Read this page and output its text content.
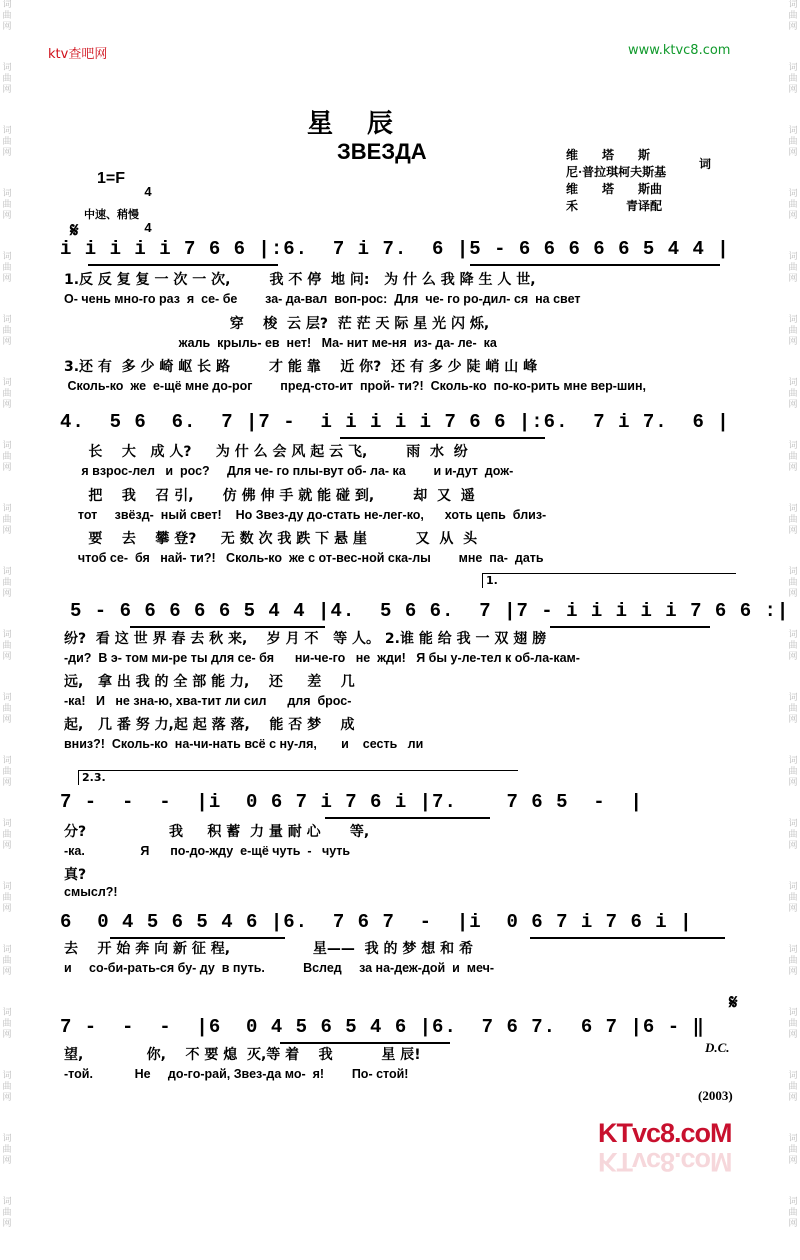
词
曲
网
词
曲
网
词
曲
网
词
曲
网
词
曲
网
词
曲
网
词
曲
网
词
曲
网
词
曲
网
词
曲
网
词
曲
网
词
曲
网
词
曲
网
词
曲
网
词
曲
网
词
曲
网
词
曲
网
词
曲
网
词
曲
网
词
曲
网
词
曲
网
词
曲
网
词
曲
网
词
曲
网
词
曲
网
词
曲
网
词
曲
网
词
曲
网
词
曲
网
词
曲
网
词
曲
网
词
曲
网
词
曲
网
词
曲
网
词
曲
网
词
曲
网
词
曲
网
词
曲
网
词
曲
网
词
曲
网
ktv查吧网	www.ktvc8.com
星辰
ЗВЕЗДА	维　　塔　　斯
尼·普拉琪柯夫斯基
词
维　　塔　　斯曲
禾　　　　青译配
1=F

4

4

中速、稍慢
𝄋
i i i i i 7 6 6 |:6.  7 i 7.  6 |5 - 6 6 6 6 6 5 4 4 |
1.反 反 复 复 一 次 一 次,        我 不 停  地 问:   为 什 么 我 降 生 人 世,
О- чень мно-го раз  я  се- бе        за- да-вал  воп-рос:  Для  че- го ро-дил- ся  на свет
穿    梭  云 层?  茫 茫 天 际 星 光 闪 烁,
жаль  крыль- ев  нет!   Ма- нит ме-ня  из- да- ле-  ка
3.还 有  多 少 崎 岖 长 路        才 能 靠    近 你?  还 有 多 少 陡 峭 山 峰
Сколь-ко  же  е-щё мне до-рог        пред-сто-ит  прой- ти?!  Сколь-ко  по-ко-рить мне вер-шин,
4.  5 6  6.  7 |7 -  i i i i i 7 6 6 |:6.  7 i 7.  6 |
长    大   成 人?     为 什 么 会 风 起 云 飞,        雨  水  纷
я взрос-лел   и  рос?     Для че- го плы-вут об- ла- ка        и и-дут  дож-
把    我    召 引,      仿 佛 伸 手 就 能 碰 到,        却  又  遥
тот     звёзд-  ный свет!    Но Звез-ду до-стать не-лег-ко,      хоть цепь  близ-
要    去    攀 登?     无 数 次 我 跌 下 悬 崖          又  从  头
чтоб се-  бя   най- ти?!   Сколь-ко  же с от-вес-ной ска-лы        мне  па-  дать
1.
5 - 6 6 6 6 6 5 4 4 |4.  5 6 6.  7 |7 - i i i i i 7 6 6 :|
纷?  看 这 世 界 春 去 秋 来,    岁 月 不   等 人。 2.谁 能 给 我 一 双 翅 膀
-ди?  В э- том ми-ре ты для се- бя      ни-че-го   не  жди!   Я бы у-ле-тел к об-ла-кам-
远,   拿 出 我 的 全 部 能 力,    还     差    几
-ка!   И   не зна-ю, хва-тит ли сил      для  брос-
起,   几 番 努 力,起 起 落 落,    能 否 梦    成
вниз?!  Сколь-ко  на-чи-нать всё с ну-ля,       и    сесть   ли
2.3.
7 -  -  -  |i  0 6 7 i 7 6 i |7.    7 6 5  -  |
分?                 我     积 蓄  力 量 耐 心      等,
-ка.                Я      по-до-жду  е-щё чуть  -   чуть
真?
смысл?!
6  0 4 5 6 5 4 6 |6.  7 6 7  -  |i  0 6 7 i 7 6 i |
去    开 始 奔 向 新 征 程,                 星——  我 的 梦 想 和 希
и     со-би-рать-ся бу- ду  в путь.           Вслед     за на-деж-дой  и  меч-
𝄋
7 -  -  -  |6  0 4 5 6 5 4 6 |6.  7 6 7.  6 7 |6 - ‖
望,             你,    不 要 熄  灭,等 着    我          星 辰!
-той.            Не     до-го-рай, Звез-да мо-  я!        По- стой!
D.C.
(2003)
KTvc8.coM
KTvc8.coM
